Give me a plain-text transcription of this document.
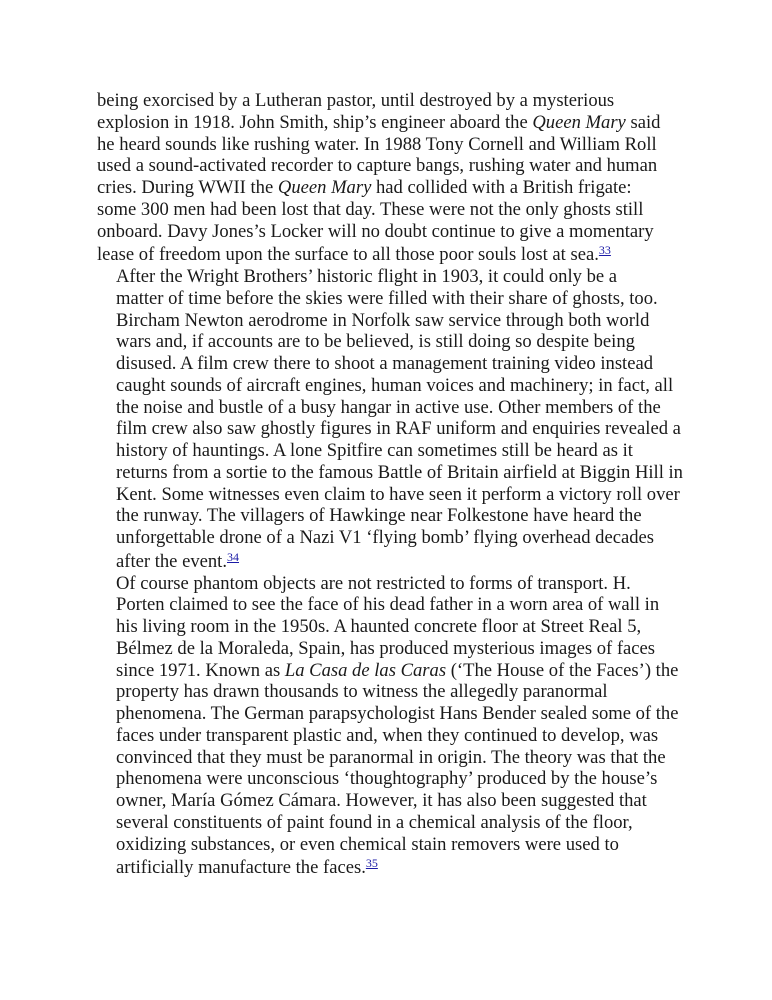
being exorcised by a Lutheran pastor, until destroyed by a mysterious
explosion in 1918. John Smith, ship’s engineer aboard the Queen Mary said
he heard sounds like rushing water. In 1988 Tony Cornell and William Roll
used a sound-activated recorder to capture bangs, rushing water and human
cries. During WWII the Queen Mary had collided with a British frigate:
some 300 men had been lost that day. These were not the only ghosts still
onboard. Davy Jones’s Locker will no doubt continue to give a momentary
lease of freedom upon the surface to all those poor souls lost at sea.$^{33}$
After the Wright Brothers’ historic flight in 1903, it could only be a
matter of time before the skies were filled with their share of ghosts, too.
Bircham Newton aerodrome in Norfolk saw service through both world
wars and, if accounts are to be believed, is still doing so despite being
disused. A film crew there to shoot a management training video instead
caught sounds of aircraft engines, human voices and machinery; in fact, all
the noise and bustle of a busy hangar in active use. Other members of the
film crew also saw ghostly figures in RAF uniform and enquiries revealed a
history of hauntings. A lone Spitfire can sometimes still be heard as it
returns from a sortie to the famous Battle of Britain airfield at Biggin Hill in
Kent. Some witnesses even claim to have seen it perform a victory roll over
the runway. The villagers of Hawkinge near Folkestone have heard the
unforgettable drone of a Nazi V1 ‘flying bomb’ flying overhead decades
after the event.$^{34}$
Of course phantom objects are not restricted to forms of transport. H.
Porten claimed to see the face of his dead father in a worn area of wall in
his living room in the 1950s. A haunted concrete floor at Street Real 5,
Bélmez de la Moraleda, Spain, has produced mysterious images of faces
since 1971. Known as La Casa de las Caras (‘The House of the Faces’) the
property has drawn thousands to witness the allegedly paranormal
phenomena. The German parapsychologist Hans Bender sealed some of the
faces under transparent plastic and, when they continued to develop, was
convinced that they must be paranormal in origin. The theory was that the
phenomena were unconscious ‘thoughtography’ produced by the house’s
owner, María Gómez Cámara. However, it has also been suggested that
several constituents of paint found in a chemical analysis of the floor,
oxidizing substances, or even chemical stain removers were used to
artificially manufacture the faces.$^{35}$
